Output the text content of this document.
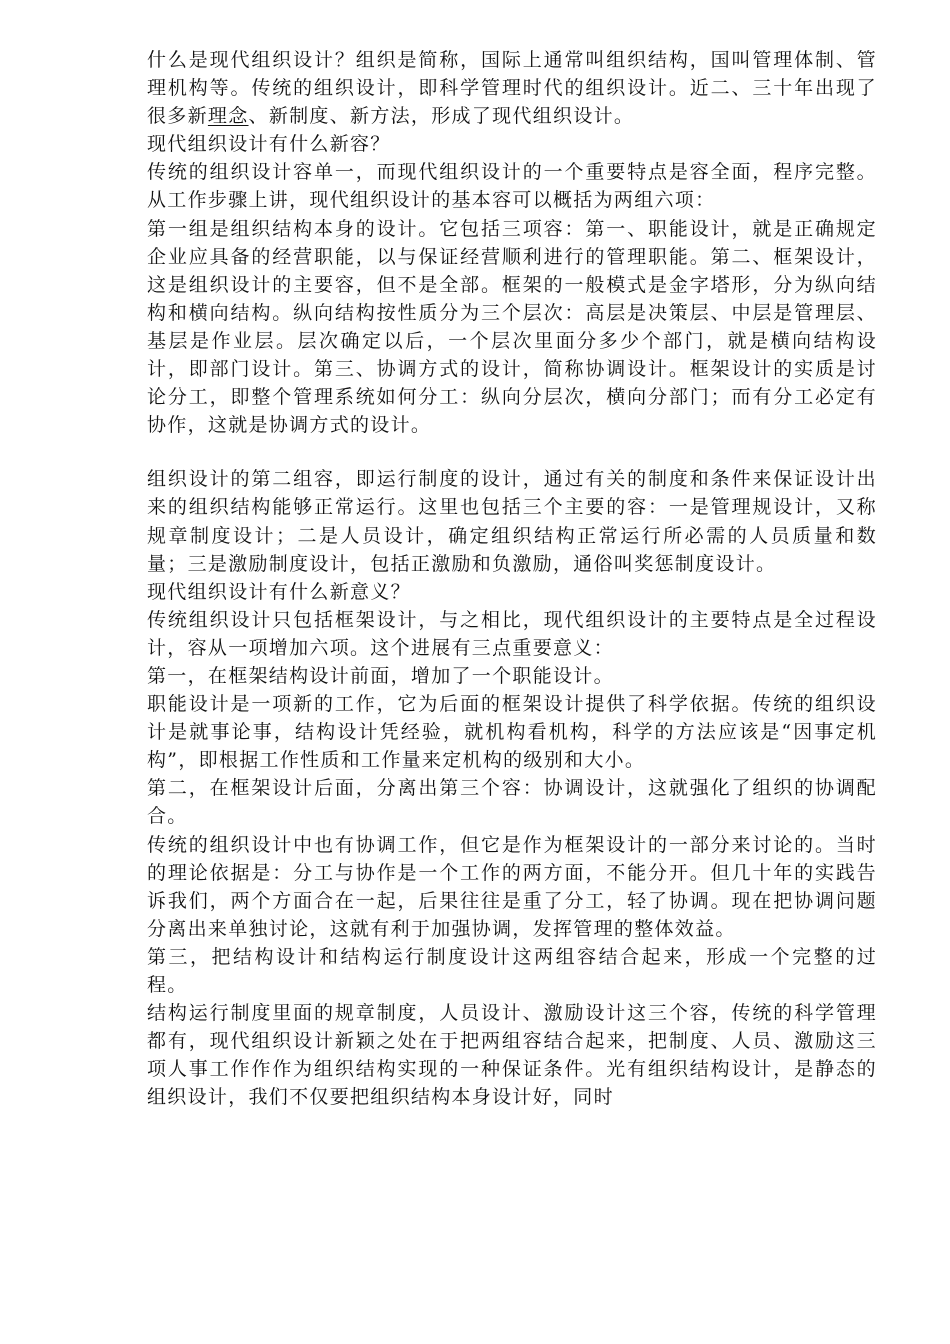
什么是现代组织设计？组织是简称，国际上通常叫组织结构，国叫管理体制、管理机构等。传统的组织设计，即科学管理时代的组织设计。近二、三十年出现了很多新理念、新制度、新方法，形成了现代组织设计。

现代组织设计有什么新容？

传统的组织设计容单一，而现代组织设计的一个重要特点是容全面，程序完整。从工作步骤上讲，现代组织设计的基本容可以概括为两组六项：

第一组是组织结构本身的设计。它包括三项容：第一、职能设计，就是正确规定企业应具备的经营职能，以与保证经营顺利进行的管理职能。第二、框架设计，这是组织设计的主要容，但不是全部。框架的一般模式是金字塔形，分为纵向结构和横向结构。纵向结构按性质分为三个层次：高层是决策层、中层是管理层、基层是作业层。层次确定以后，一个层次里面分多少个部门，就是横向结构设计，即部门设计。第三、协调方式的设计，简称协调设计。框架设计的实质是讨论分工，即整个管理系统如何分工：纵向分层次，横向分部门；而有分工必定有协作，这就是协调方式的设计。

组织设计的第二组容，即运行制度的设计，通过有关的制度和条件来保证设计出来的组织结构能够正常运行。这里也包括三个主要的容：一是管理规设计，又称规章制度设计；二是人员设计，确定组织结构正常运行所必需的人员质量和数量；三是激励制度设计，包括正激励和负激励，通俗叫奖惩制度设计。

现代组织设计有什么新意义？

传统组织设计只包括框架设计，与之相比，现代组织设计的主要特点是全过程设计，容从一项增加六项。这个进展有三点重要意义：

第一，在框架结构设计前面，增加了一个职能设计。

职能设计是一项新的工作，它为后面的框架设计提供了科学依据。传统的组织设计是就事论事，结构设计凭经验，就机构看机构，科学的方法应该是“因事定机构”，即根据工作性质和工作量来定机构的级别和大小。

第二，在框架设计后面，分离出第三个容：协调设计，这就强化了组织的协调配合。

传统的组织设计中也有协调工作，但它是作为框架设计的一部分来讨论的。当时的理论依据是：分工与协作是一个工作的两方面，不能分开。但几十年的实践告诉我们，两个方面合在一起，后果往往是重了分工，轻了协调。现在把协调问题分离出来单独讨论，这就有利于加强协调，发挥管理的整体效益。

第三，把结构设计和结构运行制度设计这两组容结合起来，形成一个完整的过程。

结构运行制度里面的规章制度，人员设计、激励设计这三个容，传统的科学管理都有，现代组织设计新颖之处在于把两组容结合起来，把制度、人员、激励这三项人事工作作作为组织结构实现的一种保证条件。光有组织结构设计，是静态的组织设计，我们不仅要把组织结构本身设计好，同时
